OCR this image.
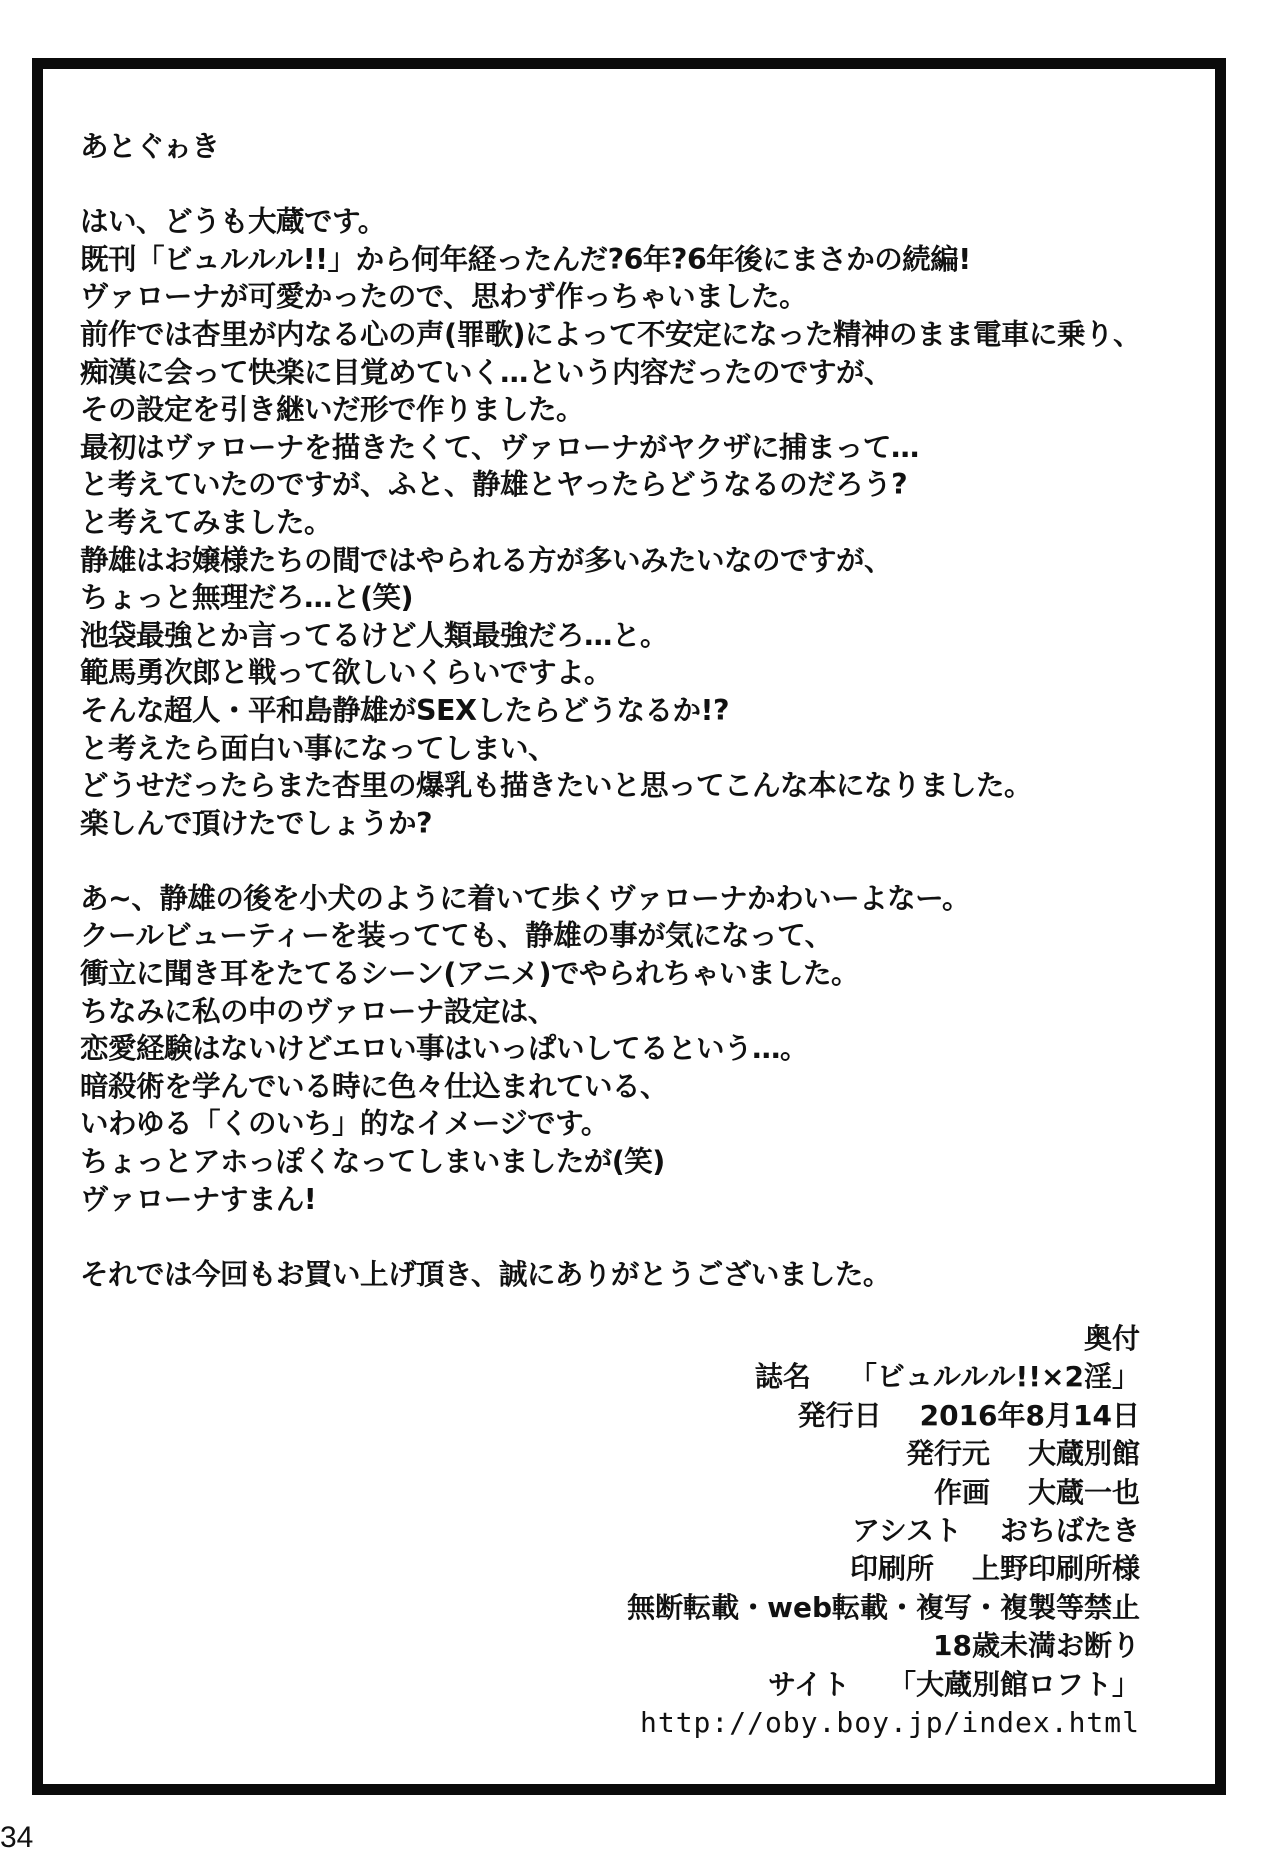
あとぐゎき
はい、どうも大蔵です。
既刊「ビュルルル!!」から何年経ったんだ?6年?6年後にまさかの続編!
ヴァローナが可愛かったので、思わず作っちゃいました。
前作では杏里が内なる心の声(罪歌)によって不安定になった精神のまま電車に乗り、
痴漢に会って快楽に目覚めていく…という内容だったのですが、
その設定を引き継いだ形で作りました。
最初はヴァローナを描きたくて、ヴァローナがヤクザに捕まって…
と考えていたのですが、ふと、静雄とヤったらどうなるのだろう?
と考えてみました。
静雄はお嬢様たちの間ではやられる方が多いみたいなのですが、
ちょっと無理だろ…と(笑)
池袋最強とか言ってるけど人類最強だろ…と。
範馬勇次郎と戦って欲しいくらいですよ。
そんな超人・平和島静雄がSEXしたらどうなるか!?
と考えたら面白い事になってしまい、
どうせだったらまた杏里の爆乳も描きたいと思ってこんな本になりました。
楽しんで頂けたでしょうか?
あ~、静雄の後を小犬のように着いて歩くヴァローナかわいーよなー。
クールビューティーを装ってても、静雄の事が気になって、
衝立に聞き耳をたてるシーン(アニメ)でやられちゃいました。
ちなみに私の中のヴァローナ設定は、
恋愛経験はないけどエロい事はいっぱいしてるという…。
暗殺術を学んでいる時に色々仕込まれている、
いわゆる「くのいち」的なイメージです。
ちょっとアホっぽくなってしまいましたが(笑)
ヴァローナすまん!
それでは今回もお買い上げ頂き、誠にありがとうございました。
奥付
誌名 「ビュルルル!!×2淫」
発行日 2016年8月14日
発行元 大蔵別館
作画 大蔵一也
アシスト おちばたき
印刷所 上野印刷所様
無断転載・web転載・複写・複製等禁止
18歳未満お断り
サイト 「大蔵別館ロフト」
http://oby.boy.jp/index.html
34
